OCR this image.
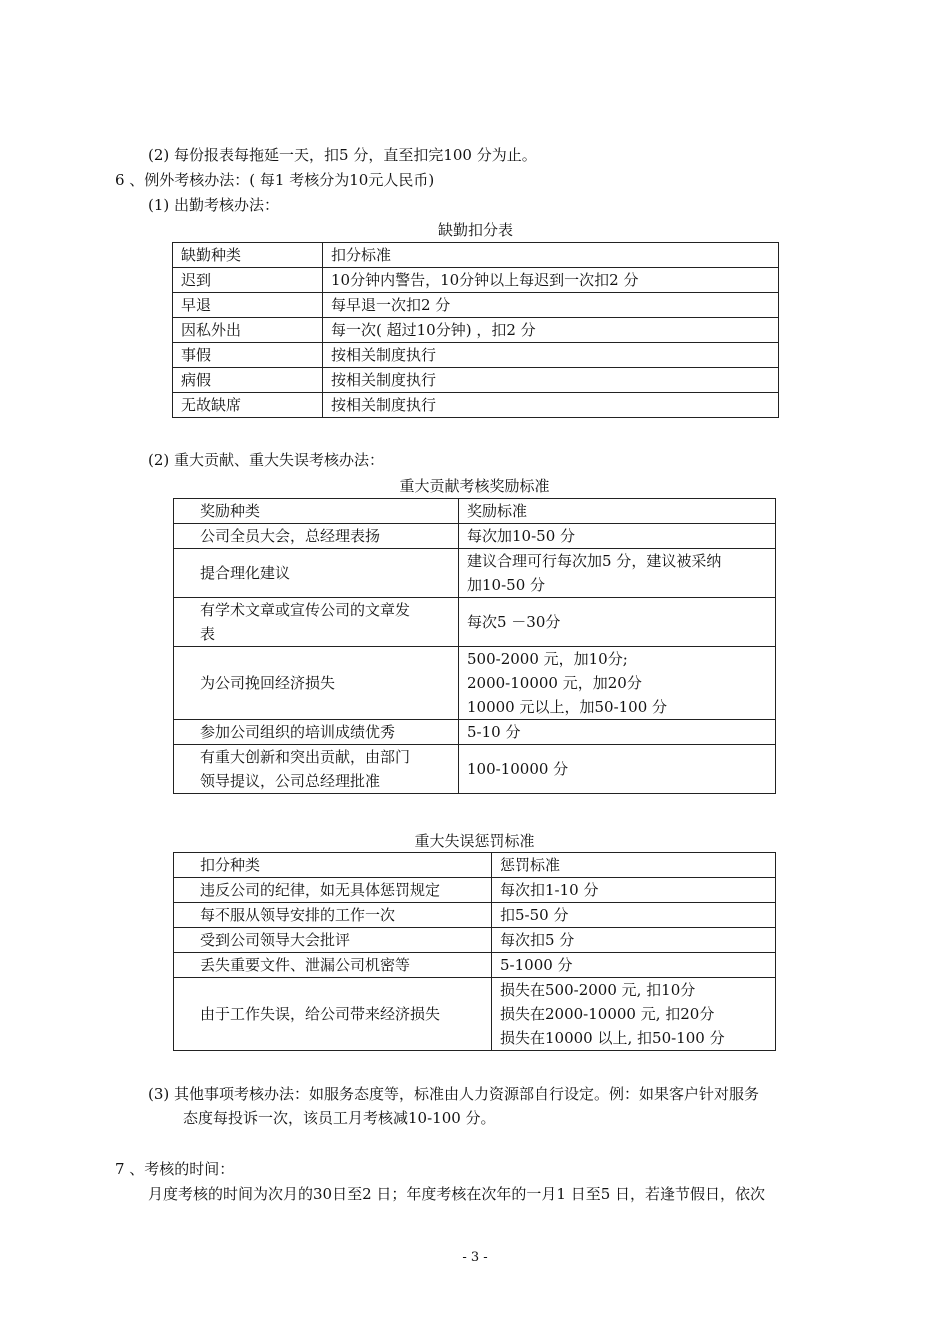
(2) 每份报表每拖延一天，扣5 分，直至扣完100 分为止。
6 、例外考核办法：( 每1 考核分为10元人民币)
(1) 出勤考核办法：
缺勤扣分表
缺勤种类	扣分标准
迟到	10分钟内警告，10分钟以上每迟到一次扣2 分
早退	每早退一次扣2 分
因私外出	每一次( 超过10分钟) ，扣2 分
事假	按相关制度执行
病假	按相关制度执行
无故缺席	按相关制度执行
(2) 重大贡献、重大失误考核办法：
重大贡献考核奖励标准
奖励种类	奖励标准
公司全员大会，总经理表扬	每次加10-50 分
提合理化建议	建议合理可行每次加5 分，建议被采纳
加10-50 分

有学术文章或宣传公司的文章发
表	每次5 －30分
为公司挽回经济损失	500-2000 元，加10分;
2000-10000 元，加20分
10000 元以上，加50-100 分

参加公司组织的培训成绩优秀	5-10 分

有重大创新和突出贡献，由部门
领导提议，公司总经理批准	100-10000 分
重大失误惩罚标准
扣分种类	惩罚标准
违反公司的纪律，如无具体惩罚规定	每次扣1-10 分
每不服从领导安排的工作一次	扣5-50 分
受到公司领导大会批评	每次扣5 分
丢失重要文件、泄漏公司机密等	5-1000 分
由于工作失误，给公司带来经济损失	损失在500-2000 元, 扣10分
损失在2000-10000 元, 扣20分
损失在10000 以上, 扣50-100 分
(3) 其他事项考核办法：如服务态度等，标准由人力资源部自行设定。例：如果客户针对服务
态度每投诉一次，该员工月考核减10-100 分。
7 、考核的时间：
月度考核的时间为次月的30日至2 日；年度考核在次年的一月1 日至5 日，若逢节假日，依次
- 3 -
